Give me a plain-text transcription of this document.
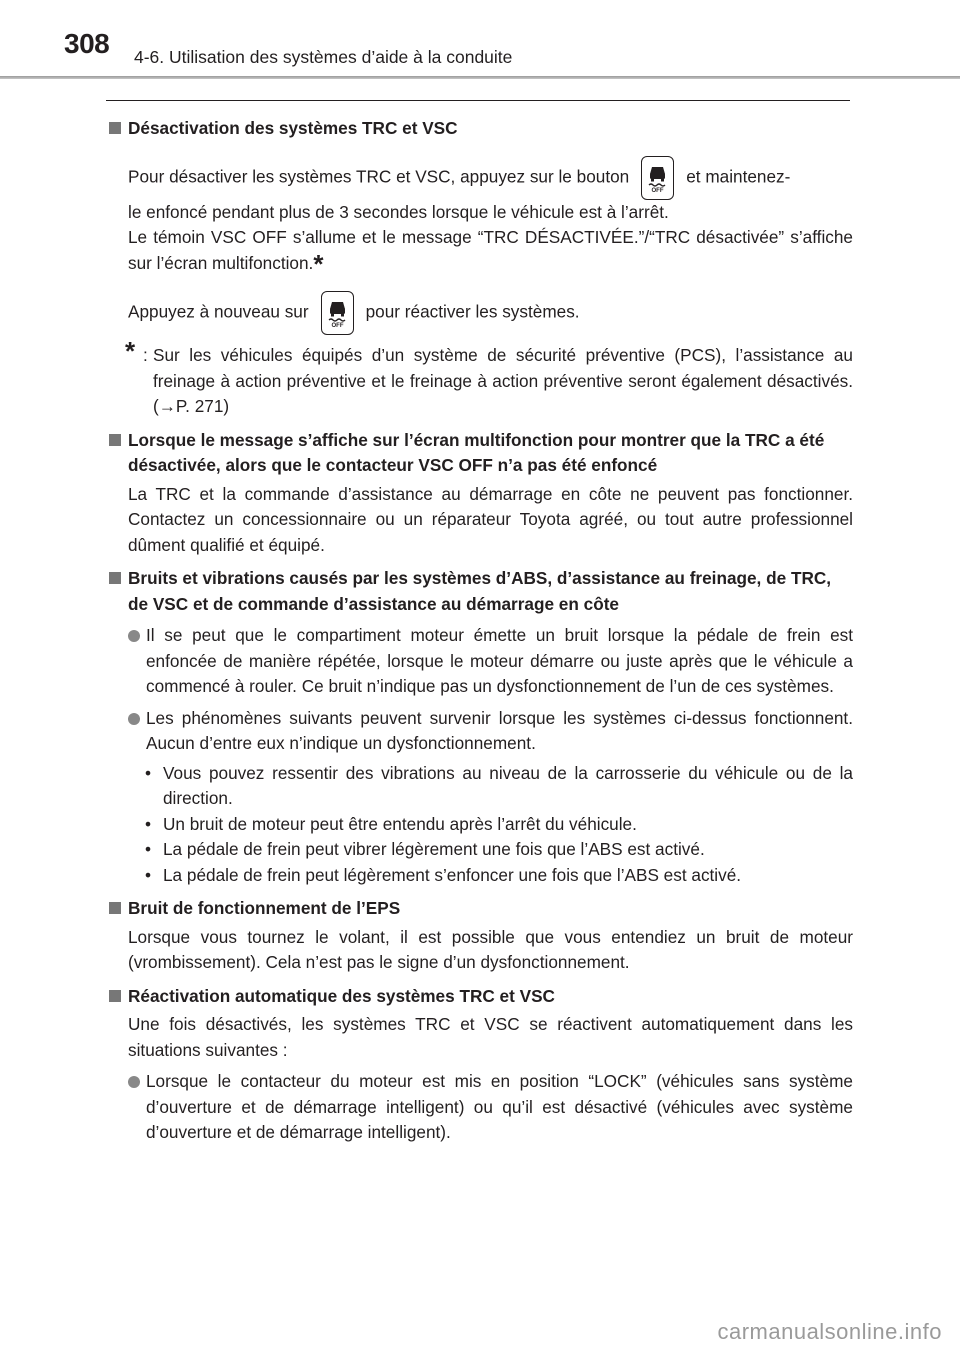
308 4-6. Utilisation des systèmes d’aide à la conduite
Désactivation des systèmes TRC et VSC
Pour désactiver les systèmes TRC et VSC, appuyez sur le bouton
OFF
et maintenez-
le enfoncé pendant plus de 3 secondes lorsque le véhicule est à l’arrêt.
Le témoin VSC OFF s’allume et le message “TRC DÉSACTIVÉE.”/“TRC désactivée” s’affiche sur l’écran multifonction.*
Appuyez à nouveau sur
OFF
pour réactiver les systèmes.
* : Sur les véhicules équipés d’un système de sécurité préventive (PCS), l’assistance au freinage à action préventive et le freinage à action préventive seront également désactivés. (→P. 271)
Lorsque le message s’affiche sur l’écran multifonction pour montrer que la TRC a été désactivée, alors que le contacteur VSC OFF n’a pas été enfoncé
La TRC et la commande d’assistance au démarrage en côte ne peuvent pas fonctionner. Contactez un concessionnaire ou un réparateur Toyota agréé, ou tout autre professionnel dûment qualifié et équipé.
Bruits et vibrations causés par les systèmes d’ABS, d’assistance au freinage, de TRC, de VSC et de commande d’assistance au démarrage en côte
Il se peut que le compartiment moteur émette un bruit lorsque la pédale de frein est enfoncée de manière répétée, lorsque le moteur démarre ou juste après que le véhicule a commencé à rouler. Ce bruit n’indique pas un dysfonctionnement de l’un de ces systèmes.
Les phénomènes suivants peuvent survenir lorsque les systèmes ci-dessus fonctionnent. Aucun d’entre eux n’indique un dysfonctionnement.
• Vous pouvez ressentir des vibrations au niveau de la carrosserie du véhicule ou de la direction.
• Un bruit de moteur peut être entendu après l’arrêt du véhicule.
• La pédale de frein peut vibrer légèrement une fois que l’ABS est activé.
• La pédale de frein peut légèrement s’enfoncer une fois que l’ABS est activé.
Bruit de fonctionnement de l’EPS
Lorsque vous tournez le volant, il est possible que vous entendiez un bruit de moteur (vrombissement). Cela n’est pas le signe d’un dysfonctionnement.
Réactivation automatique des systèmes TRC et VSC
Une fois désactivés, les systèmes TRC et VSC se réactivent automatiquement dans les situations suivantes :
Lorsque le contacteur du moteur est mis en position “LOCK” (véhicules sans système d’ouverture et de démarrage intelligent) ou qu’il est désactivé (véhicules avec système d’ouverture et de démarrage intelligent).
carmanualsonline.info
